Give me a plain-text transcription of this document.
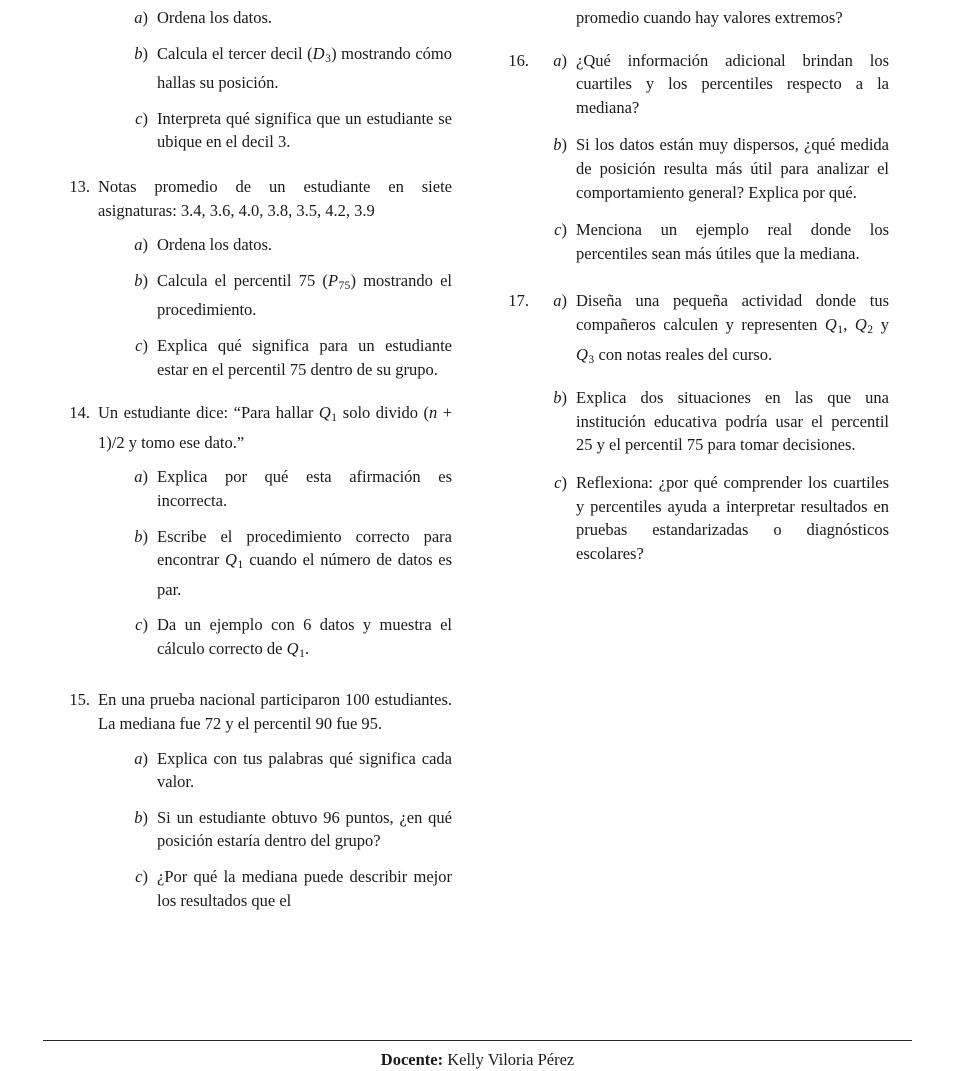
a) Ordena los datos.

b) Calcula el tercer decil (D3) mostrando cómo hallas su posición.

c) Interpreta qué significa que un estudiante se ubique en el decil 3.

13. Notas promedio de un estudiante en siete asignaturas: 3.4, 3.6, 4.0, 3.8, 3.5, 4.2, 3.9

a) Ordena los datos.

b) Calcula el percentil 75 (P75) mostrando el procedimiento.

c) Explica qué significa para un estudiante estar en el percentil 75 dentro de su grupo.

14. Un estudiante dice: “Para hallar Q1 solo divido (n + 1)/2 y tomo ese dato.”

a) Explica por qué esta afirmación es incorrecta.

b) Escribe el procedimiento correcto para encontrar Q1 cuando el número de datos es par.

c) Da un ejemplo con 6 datos y muestra el cálculo correcto de Q1.

15. En una prueba nacional participaron 100 estudiantes. La mediana fue 72 y el percentil 90 fue 95.

a) Explica con tus palabras qué significa cada valor.

b) Si un estudiante obtuvo 96 puntos, ¿en qué posición estaría dentro del grupo?

c) ¿Por qué la mediana puede describir mejor los resultados que el

promedio cuando hay valores extremos?

16.	a) ¿Qué información adicional brindan los cuartiles y los percentiles respecto a la mediana?

b) Si los datos están muy dispersos, ¿qué medida de posición resulta más útil para analizar el comportamiento general? Explica por qué.

c) Menciona un ejemplo real donde los percentiles sean más útiles que la mediana.

17.	a) Diseña una pequeña actividad donde tus compañeros calculen y representen Q1, Q2 y Q3 con notas reales del curso.

b) Explica dos situaciones en las que una institución educativa podría usar el percentil 25 y el percentil 75 para tomar decisiones.

c) Reflexiona: ¿por qué comprender los cuartiles y percentiles ayuda a interpretar resultados en pruebas estandarizadas o diagnósticos escolares?

Docente: Kelly Viloria Pérez
